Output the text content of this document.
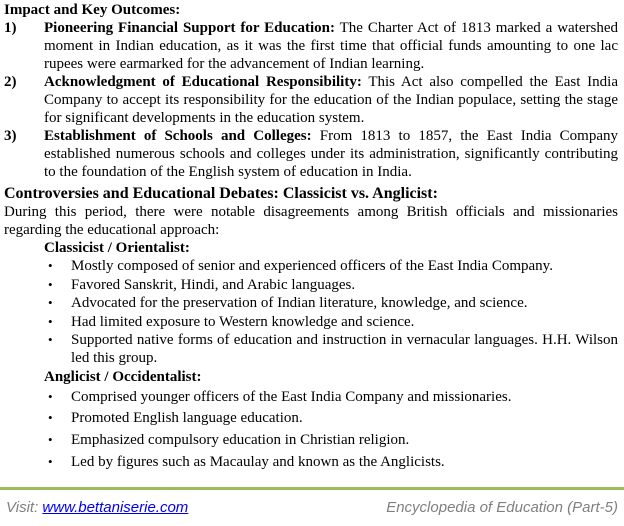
Impact and Key Outcomes:
1) Pioneering Financial Support for Education: The Charter Act of 1813 marked a watershed moment in Indian education, as it was the first time that official funds amounting to one lac rupees were earmarked for the advancement of Indian learning.
2) Acknowledgment of Educational Responsibility: This Act also compelled the East India Company to accept its responsibility for the education of the Indian populace, setting the stage for significant developments in the education system.
3) Establishment of Schools and Colleges: From 1813 to 1857, the East India Company established numerous schools and colleges under its administration, significantly contributing to the foundation of the English system of education in India.
Controversies and Educational Debates: Classicist vs. Anglicist:
During this period, there were notable disagreements among British officials and missionaries regarding the educational approach:
Classicist / Orientalist:
• Mostly composed of senior and experienced officers of the East India Company.
• Favored Sanskrit, Hindi, and Arabic languages.
• Advocated for the preservation of Indian literature, knowledge, and science.
• Had limited exposure to Western knowledge and science.
• Supported native forms of education and instruction in vernacular languages. H.H. Wilson led this group.
Anglicist / Occidentalist:
• Comprised younger officers of the East India Company and missionaries.
• Promoted English language education.
• Emphasized compulsory education in Christian religion.
• Led by figures such as Macaulay and known as the Anglicists.
Visit: www.bettaniserie.com	Encyclopedia of Education (Part-5)
